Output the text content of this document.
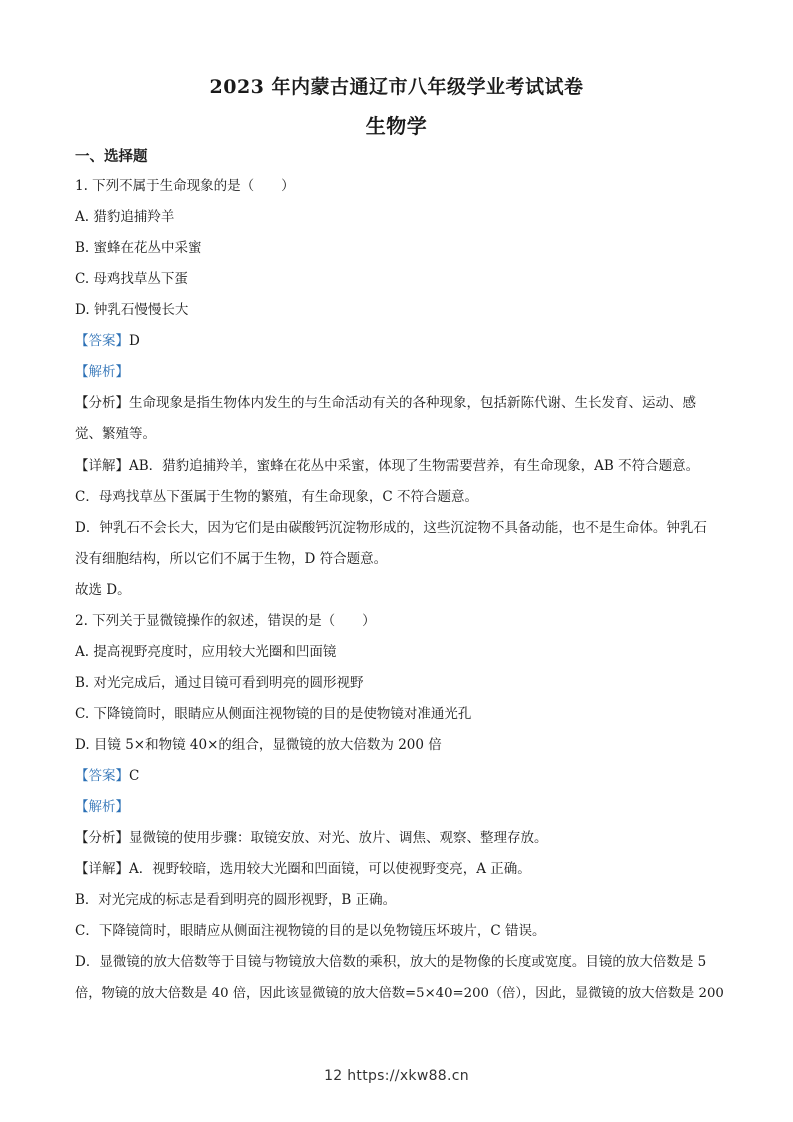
2023 年内蒙古通辽市八年级学业考试试卷
生物学
一、选择题
1. 下列不属于生命现象的是（　　）
A. 猎豹追捕羚羊
B. 蜜蜂在花丛中采蜜
C. 母鸡找草丛下蛋
D. 钟乳石慢慢长大
【答案】D
【解析】
【分析】生命现象是指生物体内发生的与生命活动有关的各种现象，包括新陈代谢、生长发育、运动、感
觉、繁殖等。
【详解】AB．猎豹追捕羚羊，蜜蜂在花丛中采蜜，体现了生物需要营养，有生命现象，AB 不符合题意。
C．母鸡找草丛下蛋属于生物的繁殖，有生命现象，C 不符合题意。
D．钟乳石不会长大，因为它们是由碳酸钙沉淀物形成的，这些沉淀物不具备动能，也不是生命体。钟乳石
没有细胞结构，所以它们不属于生物，D 符合题意。
故选 D。
2. 下列关于显微镜操作的叙述，错误的是（　　）
A. 提高视野亮度时，应用较大光圈和凹面镜
B. 对光完成后，通过目镜可看到明亮的圆形视野
C. 下降镜筒时，眼睛应从侧面注视物镜的目的是使物镜对准通光孔
D. 目镜 5×和物镜 40×的组合，显微镜的放大倍数为 200 倍
【答案】C
【解析】
【分析】显微镜的使用步骤：取镜安放、对光、放片、调焦、观察、整理存放。
【详解】A．视野较暗，选用较大光圈和凹面镜，可以使视野变亮，A 正确。
B．对光完成的标志是看到明亮的圆形视野，B 正确。
C．下降镜筒时，眼睛应从侧面注视物镜的目的是以免物镜压坏玻片，C 错误。
D．显微镜的放大倍数等于目镜与物镜放大倍数的乘积，放大的是物像的长度或宽度。目镜的放大倍数是 5
倍，物镜的放大倍数是 40 倍，因此该显微镜的放大倍数=5×40=200（倍），因此，显微镜的放大倍数是 200
12 https://xkw88.cn
